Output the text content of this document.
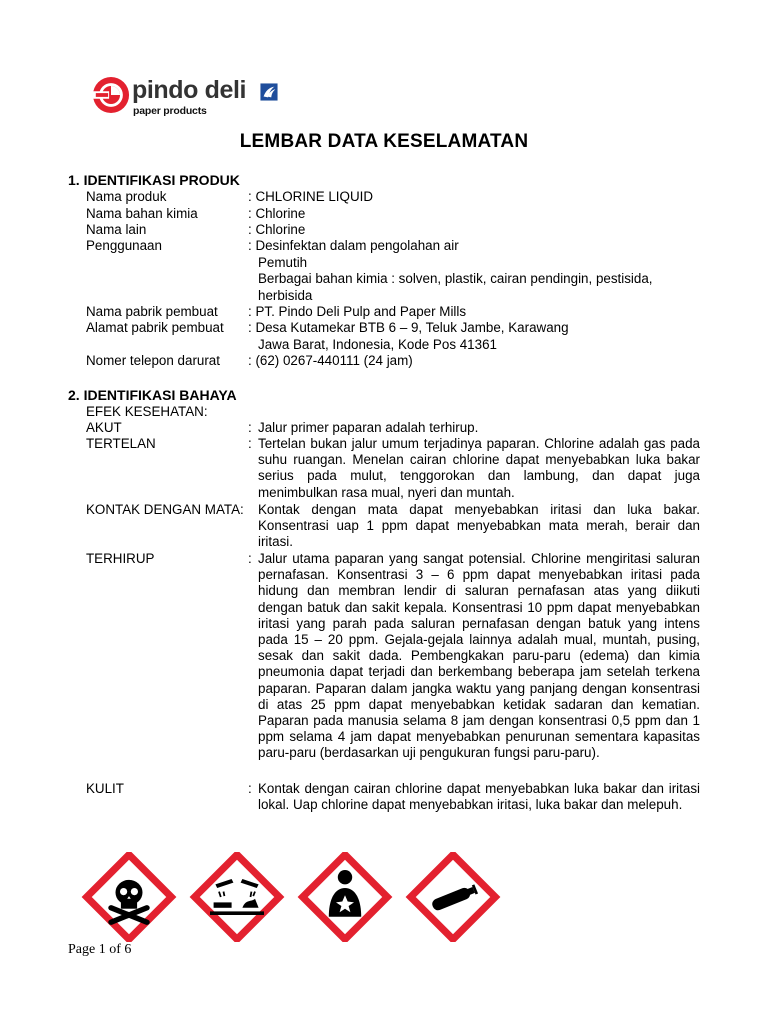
pindo deli
paper products
LEMBAR DATA KESELAMATAN
1. IDENTIFIKASI PRODUK
Nama produk	: CHLORINE LIQUID
Nama bahan kimia	: Chlorine
Nama lain	: Chlorine
Penggunaan	: Desinfektan dalam pengolahan air
Pemutih
Berbagai bahan kimia : solven, plastik, cairan pendingin, pestisida,
herbisida
Nama pabrik pembuat : PT. Pindo Deli Pulp and Paper Mills
Alamat pabrik pembuat : Desa Kutamekar BTB 6 – 9, Teluk Jambe, Karawang
Jawa Barat, Indonesia, Kode Pos 41361
Nomer telepon darurat : (62) 0267-440111 (24 jam)
2. IDENTIFIKASI BAHAYA
EFEK KESEHATAN:
AKUT	: Jalur primer paparan adalah terhirup.
TERTELAN	: Tertelan bukan jalur umum terjadinya paparan. Chlorine adalah gas pada suhu ruangan. Menelan cairan chlorine dapat menyebabkan luka bakar serius pada mulut, tenggorokan dan lambung, dan dapat juga menimbulkan rasa mual, nyeri dan muntah.
KONTAK DENGAN MATA: Kontak dengan mata dapat menyebabkan iritasi dan luka bakar. Konsentrasi uap 1 ppm dapat menyebabkan mata merah, berair dan iritasi.
TERHIRUP	: Jalur utama paparan yang sangat potensial. Chlorine mengiritasi saluran pernafasan. Konsentrasi 3 – 6 ppm dapat menyebabkan iritasi pada hidung dan membran lendir di saluran pernafasan atas yang diikuti dengan batuk dan sakit kepala. Konsentrasi 10 ppm dapat menyebabkan iritasi yang parah pada saluran pernafasan dengan batuk yang intens pada 15 – 20 ppm. Gejala-gejala lainnya adalah mual, muntah, pusing, sesak dan sakit dada. Pembengkakan paru-paru (edema) dan kimia pneumonia dapat terjadi dan berkembang beberapa jam setelah terkena paparan. Paparan dalam jangka waktu yang panjang dengan konsentrasi di atas 25 ppm dapat menyebabkan ketidak sadaran dan kematian. Paparan pada manusia selama 8 jam dengan konsentrasi 0,5 ppm dan 1 ppm selama 4 jam dapat menyebabkan penurunan sementara kapasitas paru-paru (berdasarkan uji pengukuran fungsi paru-paru).
KULIT	: Kontak dengan cairan chlorine dapat menyebabkan luka bakar dan iritasi lokal. Uap chlorine dapat menyebabkan iritasi, luka bakar dan melepuh.
Page 1 of 6
